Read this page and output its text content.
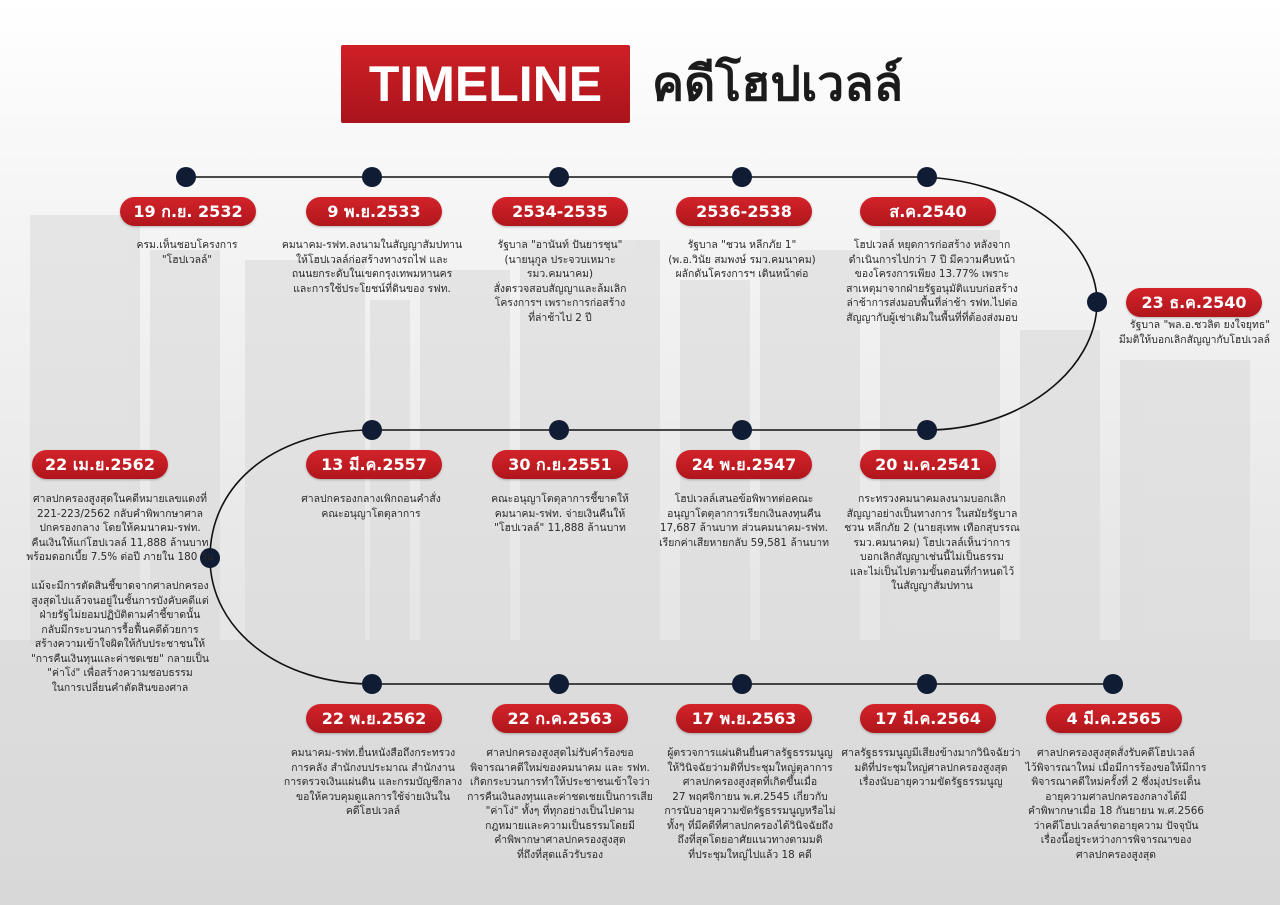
TIMELINE	คดีโฮปเวลล์
19 ก.ย. 2532
ครม.เห็นชอบโครงการ
"โฮปเวลล์"
9 พ.ย.2533
คมนาคม-รฟท.ลงนามในสัญญาสัมปทาน
ให้โฮปเวลล์ก่อสร้างทางรถไฟ และ
ถนนยกระดับในเขตกรุงเทพมหานคร
และการใช้ประโยชน์ที่ดินของ รฟท.
2534-2535
รัฐบาล "อานันท์ ปันยารชุน"
(นายนุกูล ประจวบเหมาะ รมว.คมนาคม)
สั่งตรวจสอบสัญญาและล้มเลิก
โครงการฯ เพราะการก่อสร้าง
ที่ล่าช้าไป 2 ปี
2536-2538
รัฐบาล "ชวน หลีกภัย 1"
(พ.อ.วินัย สมพงษ์ รมว.คมนาคม)
ผลักดันโครงการฯ เดินหน้าต่อ
ส.ค.2540
โฮปเวลล์ หยุดการก่อสร้าง หลังจาก
ดำเนินการไปกว่า 7 ปี มีความคืบหน้า
ของโครงการเพียง 13.77% เพราะ
สาเหตุมาจากฝ่ายรัฐอนุมัติแบบก่อสร้าง
ล่าช้าการส่งมอบพื้นที่ล่าช้า รฟท.ไปต่อ
สัญญากับผู้เช่าเดิมในพื้นที่ที่ต้องส่งมอบ
23 ธ.ค.2540
รัฐบาล "พล.อ.ชวลิต ยงใจยุทธ"
มีมติให้บอกเลิกสัญญากับโฮปเวลล์
20 ม.ค.2541
กระทรวงคมนาคมลงนามบอกเลิก
สัญญาอย่างเป็นทางการ ในสมัยรัฐบาล
ชวน หลีกภัย 2 (นายสุเทพ เทือกสุบรรณ
รมว.คมนาคม) โฮปเวลล์เห็นว่าการ
บอกเลิกสัญญาเช่นนี้ไม่เป็นธรรม
และไม่เป็นไปตามขั้นตอนที่กำหนดไว้
ในสัญญาสัมปทาน
24 พ.ย.2547
โฮปเวลล์เสนอข้อพิพาทต่อคณะ
อนุญาโตตุลาการเรียกเงินลงทุนคืน
17,687 ล้านบาท ส่วนคมนาคม-รฟท.
เรียกค่าเสียหายกลับ 59,581 ล้านบาท
30 ก.ย.2551
คณะอนุญาโตตุลาการชี้ขาดให้
คมนาคม-รฟท. จ่ายเงินคืนให้
"โฮปเวลล์" 11,888 ล้านบาท
13 มี.ค.2557
ศาลปกครองกลางเพิกถอนคำสั่ง
คณะอนุญาโตตุลาการ
22 เม.ย.2562
ศาลปกครองสูงสุดในคดีหมายเลขแดงที่
221-223/2562 กลับคำพิพากษาศาล
ปกครองกลาง โดยให้คมนาคม-รฟท.
คืนเงินให้แก่โฮปเวลล์ 11,888 ล้านบาท
พร้อมดอกเบี้ย 7.5% ต่อปี ภายใน 180 วัน
แม้จะมีการตัดสินชี้ขาดจากศาลปกครอง
สูงสุดไปแล้วจนอยู่ในชั้นการบังคับคดีแต่
ฝ่ายรัฐไม่ยอมปฏิบัติตามคำชี้ขาดนั้น
กลับมีกระบวนการรื้อฟื้นคดีด้วยการ
สร้างความเข้าใจผิดให้กับประชาชนให้
"การคืนเงินทุนและค่าชดเชย" กลายเป็น
"ค่าโง่" เพื่อสร้างความชอบธรรม
ในการเปลี่ยนคำตัดสินของศาล
22 พ.ย.2562
คมนาคม-รฟท.ยื่นหนังสือถึงกระทรวง
การคลัง สำนักงบประมาณ สำนักงาน
การตรวจเงินแผ่นดิน และกรมบัญชีกลาง
ขอให้ควบคุมดูแลการใช้จ่ายเงินใน
คดีโฮปเวลล์
22 ก.ค.2563
ศาลปกครองสูงสุดไม่รับคำร้องขอ
พิจารณาคดีใหม่ของคมนาคม และ รฟท.
เกิดกระบวนการทำให้ประชาชนเข้าใจว่า
การคืนเงินลงทุนและค่าชดเชยเป็นการเสีย
"ค่าโง่" ทั้งๆ ที่ทุกอย่างเป็นไปตาม
กฎหมายและความเป็นธรรมโดยมี
คำพิพากษาศาลปกครองสูงสุด
ที่ถึงที่สุดแล้วรับรอง
17 พ.ย.2563
ผู้ตรวจการแผ่นดินยื่นศาลรัฐธรรมนูญ
ให้วินิจฉัยว่ามติที่ประชุมใหญ่ตุลาการ
ศาลปกครองสูงสุดที่เกิดขึ้นเมื่อ
27 พฤศจิกายน พ.ศ.2545 เกี่ยวกับ
การนับอายุความขัดรัฐธรรมนูญหรือไม่
ทั้งๆ ที่มีคดีที่ศาลปกครองได้วินิจฉัยถึง
ถึงที่สุดโดยอาศัยแนวทางตามมติ
ที่ประชุมใหญ่ไปแล้ว 18 คดี
17 มี.ค.2564
ศาลรัฐธรรมนูญมีเสียงข้างมากวินิจฉัยว่า
มติที่ประชุมใหญ่ศาลปกครองสูงสุด
เรื่องนับอายุความขัดรัฐธรรมนูญ
4 มี.ค.2565
ศาลปกครองสูงสุดสั่งรับคดีโฮปเวลล์
ไว้พิจารณาใหม่ เมื่อมีการร้องขอให้มีการ
พิจารณาคดีใหม่ครั้งที่ 2 ซึ่งมุ่งประเด็น
อายุความศาลปกครองกลางได้มี
คำพิพากษาเมื่อ 18 กันยายน พ.ศ.2566
ว่าคดีโฮปเวลล์ขาดอายุความ ปัจจุบัน
เรื่องนี้อยู่ระหว่างการพิจารณาของ
ศาลปกครองสูงสุด
